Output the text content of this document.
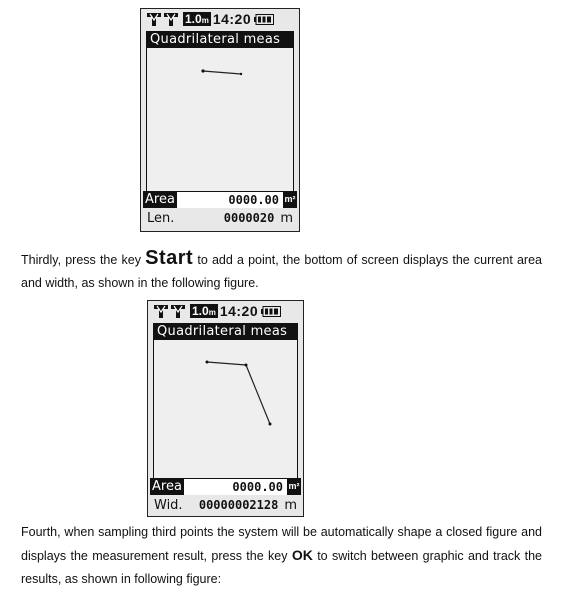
1.0m 14:20
Quadrilateral meas
Area	0000.00 m²
Len.	0000020 m
Thirdly, press the key Start to add a point, the bottom of screen displays the current area and width, as shown in the following figure.
1.0m 14:20
Quadrilateral meas
Area	0000.00 m²
Wid.	00000002128 m
Fourth, when sampling third points the system will be automatically shape a closed figure and displays the measurement result, press the key OK to switch between graphic and track the results, as shown in following figure:
